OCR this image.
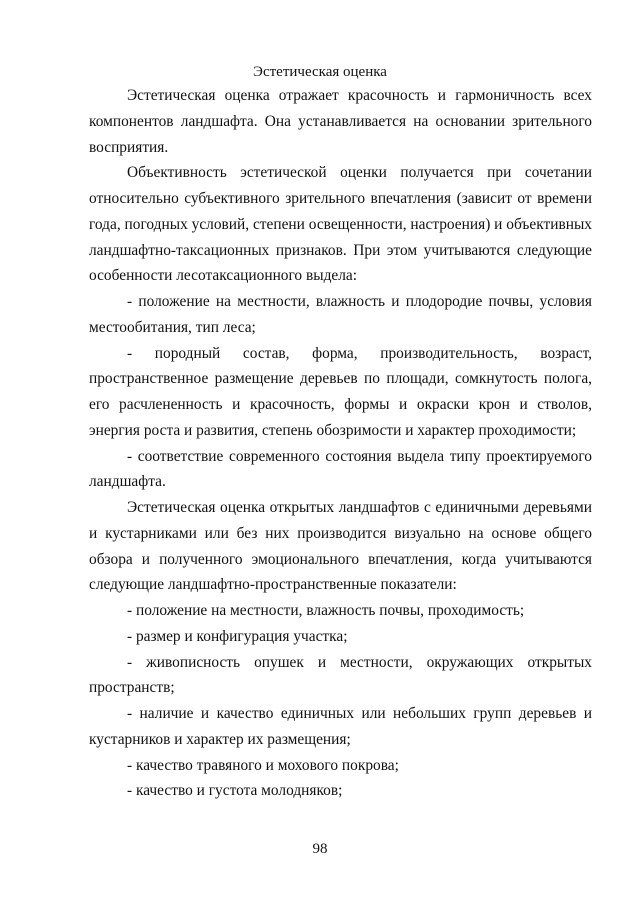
Эстетическая оценка

Эстетическая оценка отражает красочность и гармоничность всех компонентов ландшафта. Она устанавливается на основании зрительного восприятия.

Объективность эстетической оценки получается при сочетании относительно субъективного зрительного впечатления (зависит от времени года, погодных условий, степени освещенности, настроения) и объективных ландшафтно-таксационных признаков. При этом учитываются следующие особенности лесотаксационного выдела:

- положение на местности, влажность и плодородие почвы, условия местообитания, тип леса;

- породный состав, форма, производительность, возраст, пространственное размещение деревьев по площади, сомкнутость полога, его расчлененность и красочность, формы и окраски крон и стволов, энергия роста и развития, степень обозримости и характер проходимости;

- соответствие современного состояния выдела типу проектируемого ландшафта.

Эстетическая оценка открытых ландшафтов с единичными деревьями и кустарниками или без них производится визуально на основе общего обзора и полученного эмоционального впечатления, когда учитываются следующие ландшафтно-пространственные показатели:

- положение на местности, влажность почвы, проходимость;

- размер и конфигурация участка;

- живописность опушек и местности, окружающих открытых пространств;

- наличие и качество единичных или небольших групп деревьев и кустарников и характер их размещения;

- качество травяного и мохового покрова;

- качество и густота молодняков;

98
